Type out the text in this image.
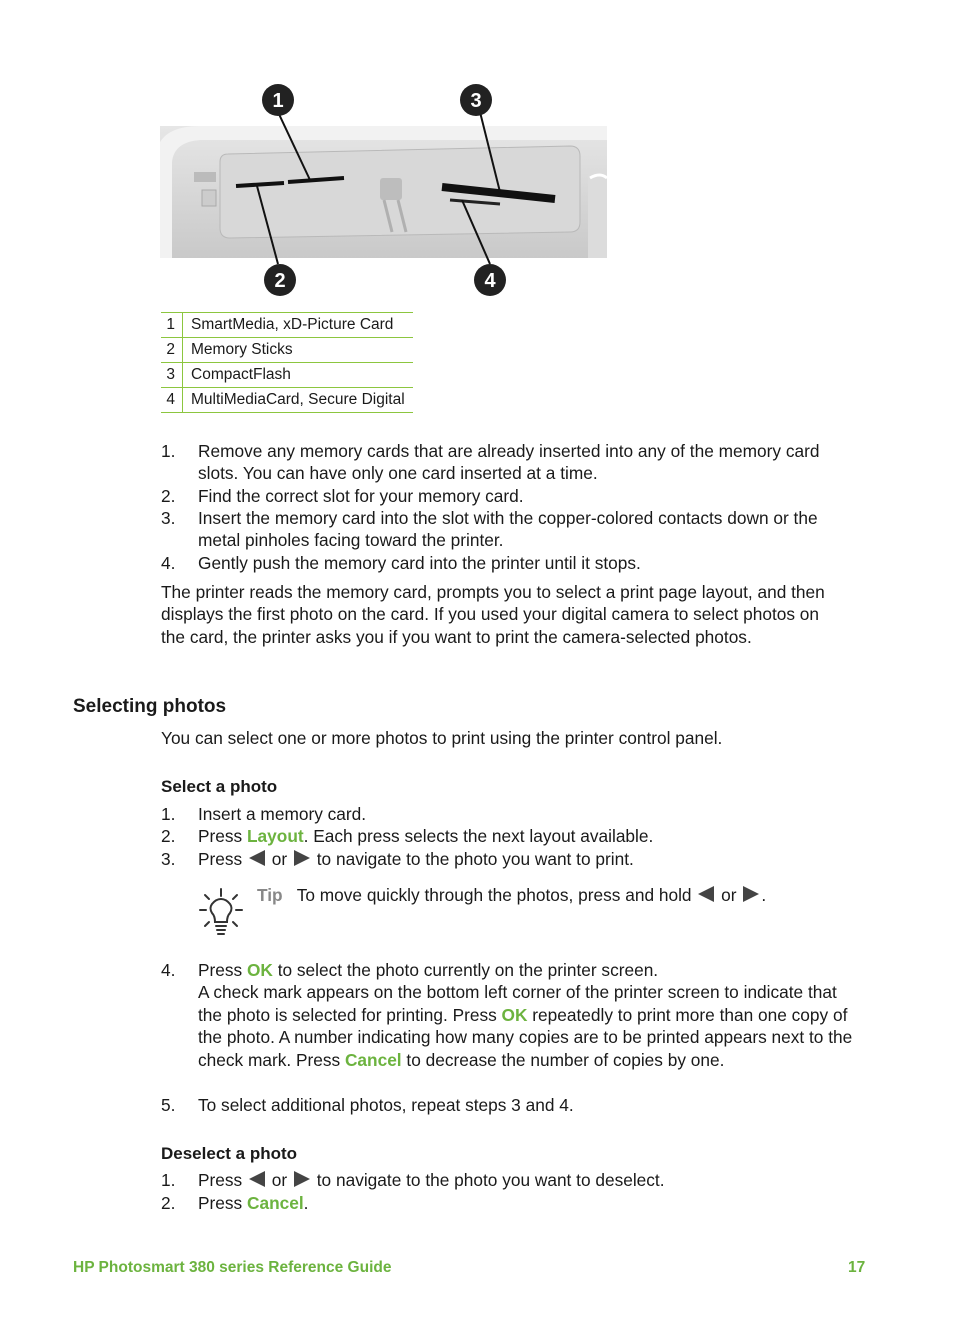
1	3
2	4
1	SmartMedia, xD-Picture Card
2	Memory Sticks
3	CompactFlash
4	MultiMediaCard, Secure Digital
1.	Remove any memory cards that are already inserted into any of the memory card slots. You can have only one card inserted at a time.
2.	Find the correct slot for your memory card.
3.	Insert the memory card into the slot with the copper-colored contacts down or the metal pinholes facing toward the printer.
4.	Gently push the memory card into the printer until it stops.
The printer reads the memory card, prompts you to select a print page layout, and then displays the first photo on the card. If you used your digital camera to select photos on the card, the printer asks you if you want to print the camera-selected photos.
Selecting photos
You can select one or more photos to print using the printer control panel.
Select a photo
1.	Insert a memory card.
2.	Press Layout. Each press selects the next layout available.
3.	Press  or  to navigate to the photo you want to print.
Tip To move quickly through the photos, press and hold  or .
4.	Press OK to select the photo currently on the printer screen.
A check mark appears on the bottom left corner of the printer screen to indicate that the photo is selected for printing. Press OK repeatedly to print more than one copy of the photo. A number indicating how many copies are to be printed appears next to the check mark. Press Cancel to decrease the number of copies by one.
5.	To select additional photos, repeat steps 3 and 4.
Deselect a photo
1.	Press  or  to navigate to the photo you want to deselect.
2.	Press Cancel.
HP Photosmart 380 series Reference Guide	17
